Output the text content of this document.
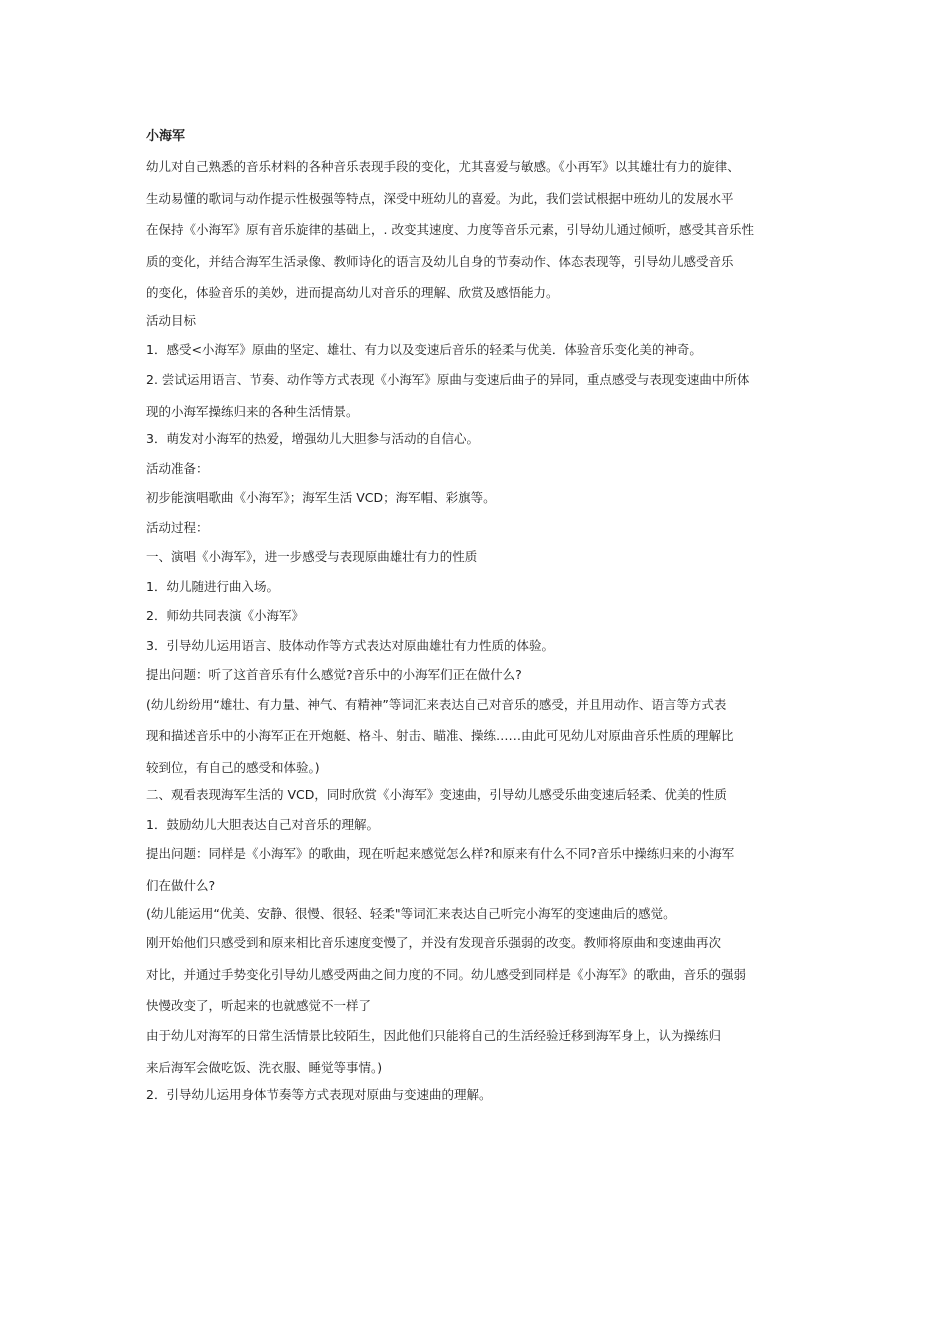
小海军
幼儿对自己熟悉的音乐材料的各种音乐表现手段的变化，尤其喜爱与敏感。《小再军》以其雄壮有力的旋律、
生动易懂的歌词与动作提示性极强等特点，深受中班幼儿的喜爱。为此，我们尝试根据中班幼儿的发展水平
在保持《小海军》原有音乐旋律的基础上，. 改变其速度、力度等音乐元素，引导幼儿通过倾听，感受其音乐性
质的变化，并结合海军生活录像、教师诗化的语言及幼儿自身的节奏动作、体态表现等，引导幼儿感受音乐
的变化，体验音乐的美妙，进而提高幼儿对音乐的理解、欣赏及感悟能力。
活动目标
1．感受<小海军》原曲的坚定、雄壮、有力以及变速后音乐的轻柔与优美．体验音乐变化美的神奇。
2. 尝试运用语言、节奏、动作等方式表现《小海军》原曲与变速后曲子的异同，重点感受与表现变速曲中所体
现的小海军操练归来的各种生活情景。
3．萌发对小海军的热爱，增强幼儿大胆参与活动的自信心。
活动准备：
初步能演唱歌曲《小海军》；海军生活 VCD；海军帽、彩旗等。
活动过程：
一、演唱《小海军》，进一步感受与表现原曲雄壮有力的性质
1．幼儿随进行曲入场。
2．师幼共同表演《小海军》
3．引导幼儿运用语言、肢体动作等方式表达对原曲雄壮有力性质的体验。
提出问题：听了这首音乐有什么感觉?音乐中的小海军们正在做什么?
(幼儿纷纷用“雄壮、有力量、神气、有精神”等词汇来表达自己对音乐的感受，并且用动作、语言等方式表
现和描述音乐中的小海军正在开炮艇、格斗、射击、瞄准、操练……由此可见幼儿对原曲音乐性质的理解比
较到位，有自己的感受和体验。)
二、观看表现海军生活的 VCD，同时欣赏《小海军》变速曲，引导幼儿感受乐曲变速后轻柔、优美的性质
1．鼓励幼儿大胆表达自己对音乐的理解。
提出问题：同样是《小海军》的歌曲，现在听起来感觉怎么样?和原来有什么不同?音乐中操练归来的小海军
们在做什么?
(幼儿能运用“优美、安静、很慢、很轻、轻柔"等词汇来表达自己听完小海军的变速曲后的感觉。
刚开始他们只感受到和原来相比音乐速度变慢了，并没有发现音乐强弱的改变。教师将原曲和变速曲再次
对比，并通过手势变化引导幼儿感受两曲之间力度的不同。幼儿感受到同样是《小海军》的歌曲，音乐的强弱
快慢改变了，听起来的也就感觉不一样了
由于幼儿对海军的日常生活情景比较陌生，因此他们只能将自己的生活经验迁移到海军身上，认为操练归
来后海军会做吃饭、洗衣服、睡觉等事情。)
2．引导幼儿运用身体节奏等方式表现对原曲与变速曲的理解。
